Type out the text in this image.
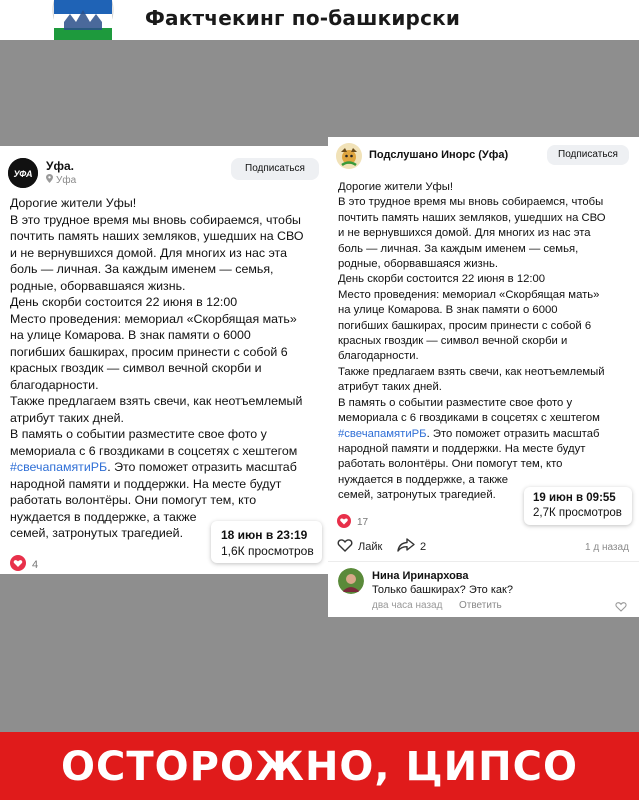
Фактчекинг по-башкирски
УФА
Уфа.
Уфа
Подписаться
Дорогие жители Уфы!
В это трудное время мы вновь собираемся, чтобы
почтить память наших земляков, ушедших на СВО
и не вернувшихся домой. Для многих из нас эта
боль — личная. За каждым именем — семья,
родные, оборвавшаяся жизнь.
День скорби состоится 22 июня в 12:00
Место проведения: мемориал «Скорбящая мать»
на улице Комарова. В знак памяти о 6000
погибших башкирах, просим принести с собой 6
красных гвоздик — символ вечной скорби и
благодарности.
Также предлагаем взять свечи, как неотъемлемый
атрибут таких дней.
В память о событии разместите свое фото у
мемориала с 6 гвоздиками в соцсетях с хештегом
#свечапамятиРБ. Это поможет отразить масштаб
народной памяти и поддержки. На месте будут
работать волонтёры. Они помогут тем, кто
нуждается в поддержке, а также
семей, затронутых трагедией.	18 июн в 23:19
1,6К просмотров
4
Подслушано Инорс (Уфа)	Подписаться
Дорогие жители Уфы!
В это трудное время мы вновь собираемся, чтобы
почтить память наших земляков, ушедших на СВО
и не вернувшихся домой. Для многих из нас эта
боль — личная. За каждым именем — семья,
родные, оборвавшаяся жизнь.
День скорби состоится 22 июня в 12:00
Место проведения: мемориал «Скорбящая мать»
на улице Комарова. В знак памяти о 6000
погибших башкирах, просим принести с собой 6
красных гвоздик — символ вечной скорби и
благодарности.
Также предлагаем взять свечи, как неотъемлемый
атрибут таких дней.
В память о событии разместите свое фото у
мемориала с 6 гвоздиками в соцсетях с хештегом
#свечапамятиРБ. Это поможет отразить масштаб
народной памяти и поддержки. На месте будут
работать волонтёры. Они помогут тем, кто
нуждается в поддержке, а также
семей, затронутых трагедией.	19 июн в 09:55
2,7К просмотров
17
Лайк	2	1 д назад
Нина Иринархова
Только башкирах? Это как?
два часа назад Ответить
ОСТОРОЖНО, ЦИПСО
